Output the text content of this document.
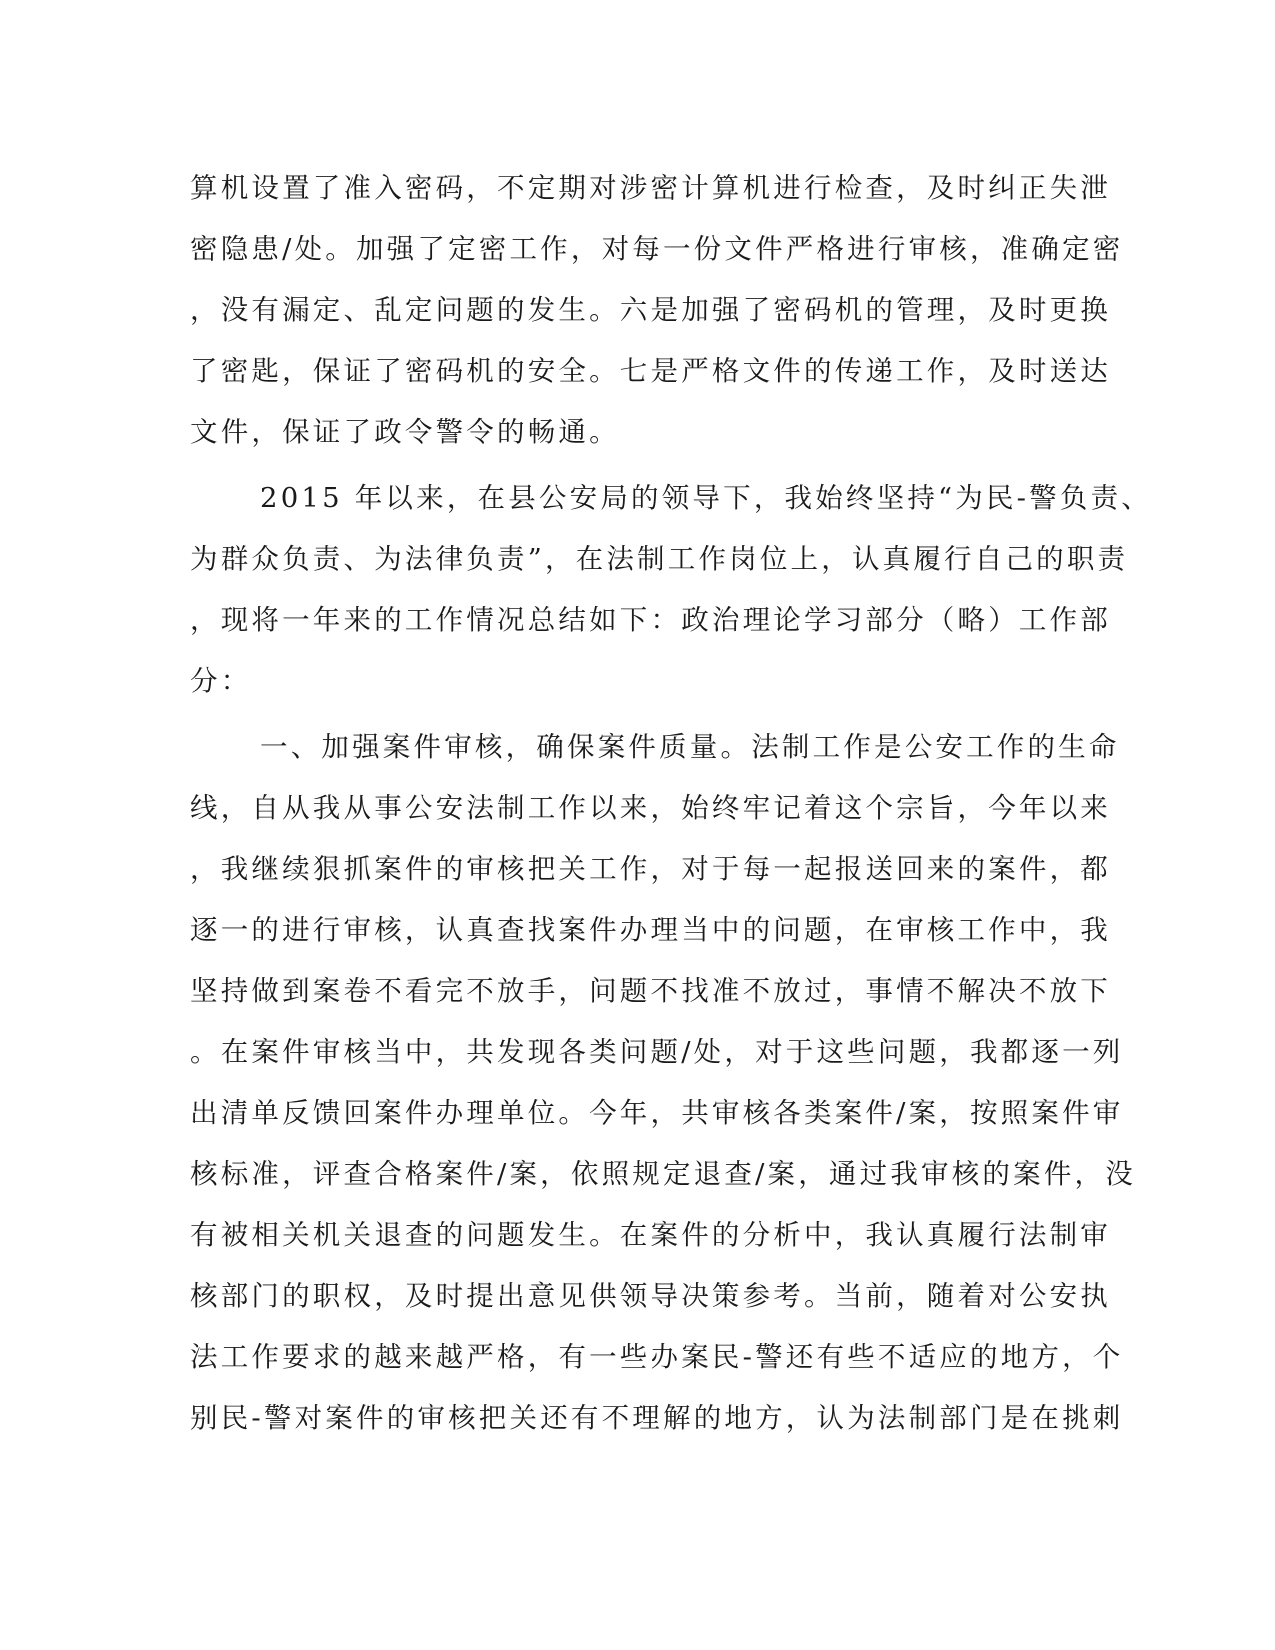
算机设置了准入密码，不定期对涉密计算机进行检查，及时纠正失泄
密隐患/处。加强了定密工作，对每一份文件严格进行审核，准确定密
，没有漏定、乱定问题的发生。六是加强了密码机的管理，及时更换
了密匙，保证了密码机的安全。七是严格文件的传递工作，及时送达
文件，保证了政令警令的畅通。
2015 年以来，在县公安局的领导下，我始终坚持“为民-警负责、
为群众负责、为法律负责”，在法制工作岗位上，认真履行自己的职责
，现将一年来的工作情况总结如下：政治理论学习部分（略）工作部
分：
一、加强案件审核，确保案件质量。法制工作是公安工作的生命
线，自从我从事公安法制工作以来，始终牢记着这个宗旨，今年以来
，我继续狠抓案件的审核把关工作，对于每一起报送回来的案件，都
逐一的进行审核，认真查找案件办理当中的问题，在审核工作中，我
坚持做到案卷不看完不放手，问题不找准不放过，事情不解决不放下
。在案件审核当中，共发现各类问题/处，对于这些问题，我都逐一列
出清单反馈回案件办理单位。今年，共审核各类案件/案，按照案件审
核标准，评查合格案件/案，依照规定退查/案，通过我审核的案件，没
有被相关机关退查的问题发生。在案件的分析中，我认真履行法制审
核部门的职权，及时提出意见供领导决策参考。当前，随着对公安执
法工作要求的越来越严格，有一些办案民-警还有些不适应的地方，个
别民-警对案件的审核把关还有不理解的地方，认为法制部门是在挑刺
